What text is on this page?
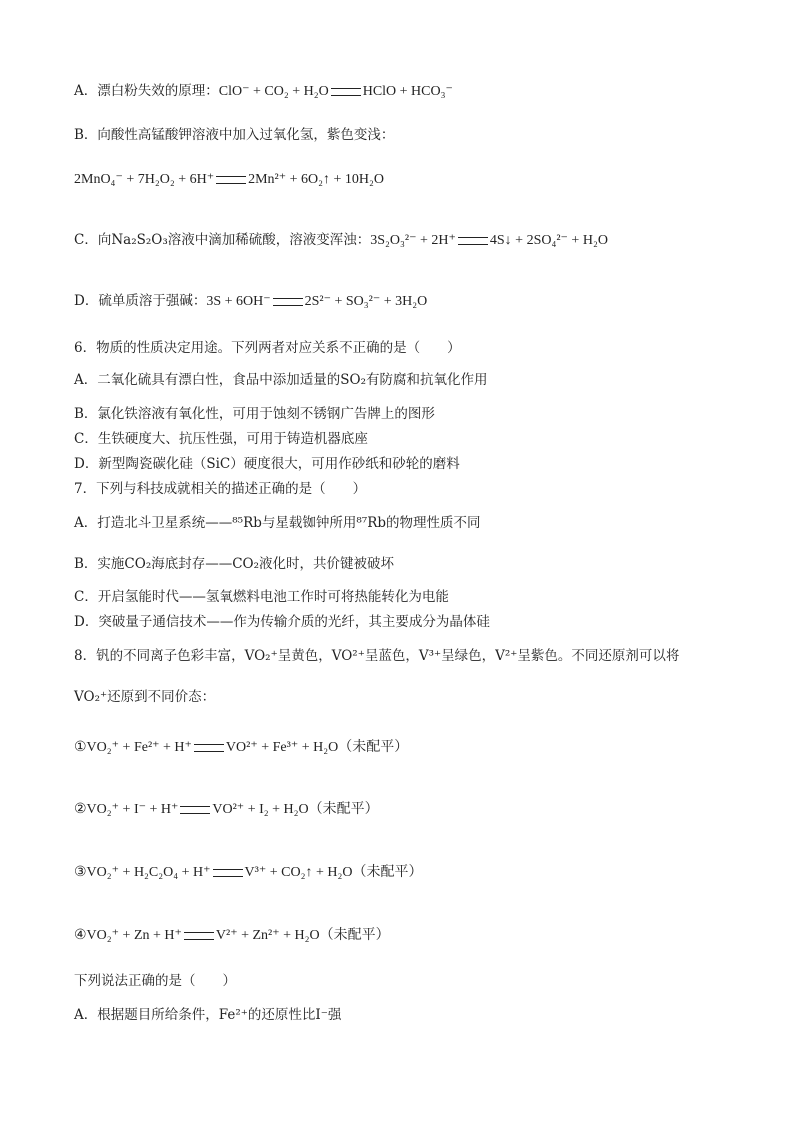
A．漂白粉失效的原理：ClO⁻ + CO₂ + H₂O HClO + HCO₃⁻
B．向酸性高锰酸钾溶液中加入过氧化氢，紫色变浅：
2MnO₄⁻ + 7H₂O₂ + 6H⁺ 2Mn²⁺ + 6O₂↑ + 10H₂O
C．向Na₂S₂O₃溶液中滴加稀硫酸，溶液变浑浊：3S₂O₃²⁻ + 2H⁺ 4S↓ + 2SO₄²⁻ + H₂O
D．硫单质溶于强碱：3S + 6OH⁻ 2S²⁻ + SO₃²⁻ + 3H₂O
6．物质的性质决定用途。下列两者对应关系不正确的是（　　）
A．二氧化硫具有漂白性，食品中添加适量的SO₂有防腐和抗氧化作用
B．氯化铁溶液有氧化性，可用于蚀刻不锈钢广告牌上的图形
C．生铁硬度大、抗压性强，可用于铸造机器底座
D．新型陶瓷碳化硅（SiC）硬度很大，可用作砂纸和砂轮的磨料
7．下列与科技成就相关的描述正确的是（　　）
A．打造北斗卫星系统——⁸⁵Rb与星载铷钟所用⁸⁷Rb的物理性质不同
B．实施CO₂海底封存——CO₂液化时，共价键被破坏
C．开启氢能时代——氢氧燃料电池工作时可将热能转化为电能
D．突破量子通信技术——作为传输介质的光纤，其主要成分为晶体硅
8．钒的不同离子色彩丰富，VO₂⁺呈黄色，VO²⁺呈蓝色，V³⁺呈绿色，V²⁺呈紫色。不同还原剂可以将
VO₂⁺还原到不同价态：
①VO₂⁺ + Fe²⁺ + H⁺ VO²⁺ + Fe³⁺ + H₂O（未配平）
②VO₂⁺ + I⁻ + H⁺ VO²⁺ + I₂ + H₂O（未配平）
③VO₂⁺ + H₂C₂O₄ + H⁺ V³⁺ + CO₂↑ + H₂O（未配平）
④VO₂⁺ + Zn + H⁺ V²⁺ + Zn²⁺ + H₂O（未配平）
下列说法正确的是（　　）
A．根据题目所给条件，Fe²⁺的还原性比I⁻强
